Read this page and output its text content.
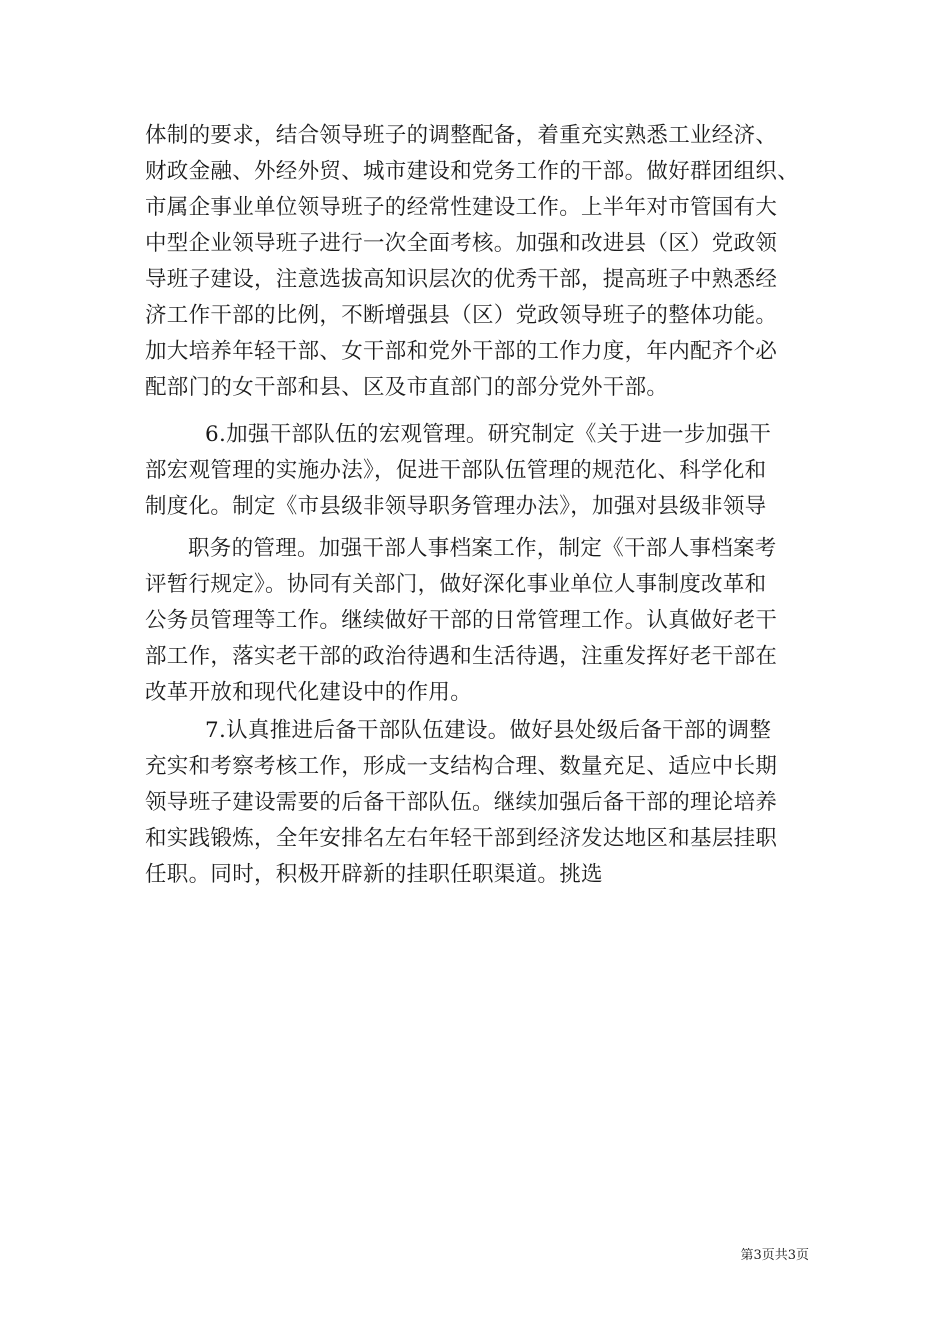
体制的要求，结合领导班子的调整配备，着重充实熟悉工业经济、
财政金融、外经外贸、城市建设和党务工作的干部。做好群团组织、
市属企事业单位领导班子的经常性建设工作。上半年对市管国有大
中型企业领导班子进行一次全面考核。加强和改进县（区）党政领
导班子建设，注意选拔高知识层次的优秀干部，提高班子中熟悉经
济工作干部的比例，不断增强县（区）党政领导班子的整体功能。
加大培养年轻干部、女干部和党外干部的工作力度，年内配齐个必
配部门的女干部和县、区及市直部门的部分党外干部。
6.加强干部队伍的宏观管理。研究制定《关于进一步加强干
部宏观管理的实施办法》，促进干部队伍管理的规范化、科学化和
制度化。制定《市县级非领导职务管理办法》，加强对县级非领导
职务的管理。加强干部人事档案工作，制定《干部人事档案考
评暂行规定》。协同有关部门，做好深化事业单位人事制度改革和
公务员管理等工作。继续做好干部的日常管理工作。认真做好老干
部工作，落实老干部的政治待遇和生活待遇，注重发挥好老干部在
改革开放和现代化建设中的作用。
7.认真推进后备干部队伍建设。做好县处级后备干部的调整
充实和考察考核工作，形成一支结构合理、数量充足、适应中长期
领导班子建设需要的后备干部队伍。继续加强后备干部的理论培养
和实践锻炼，全年安排名左右年轻干部到经济发达地区和基层挂职
任职。同时，积极开辟新的挂职任职渠道。挑选
第3页共3页
